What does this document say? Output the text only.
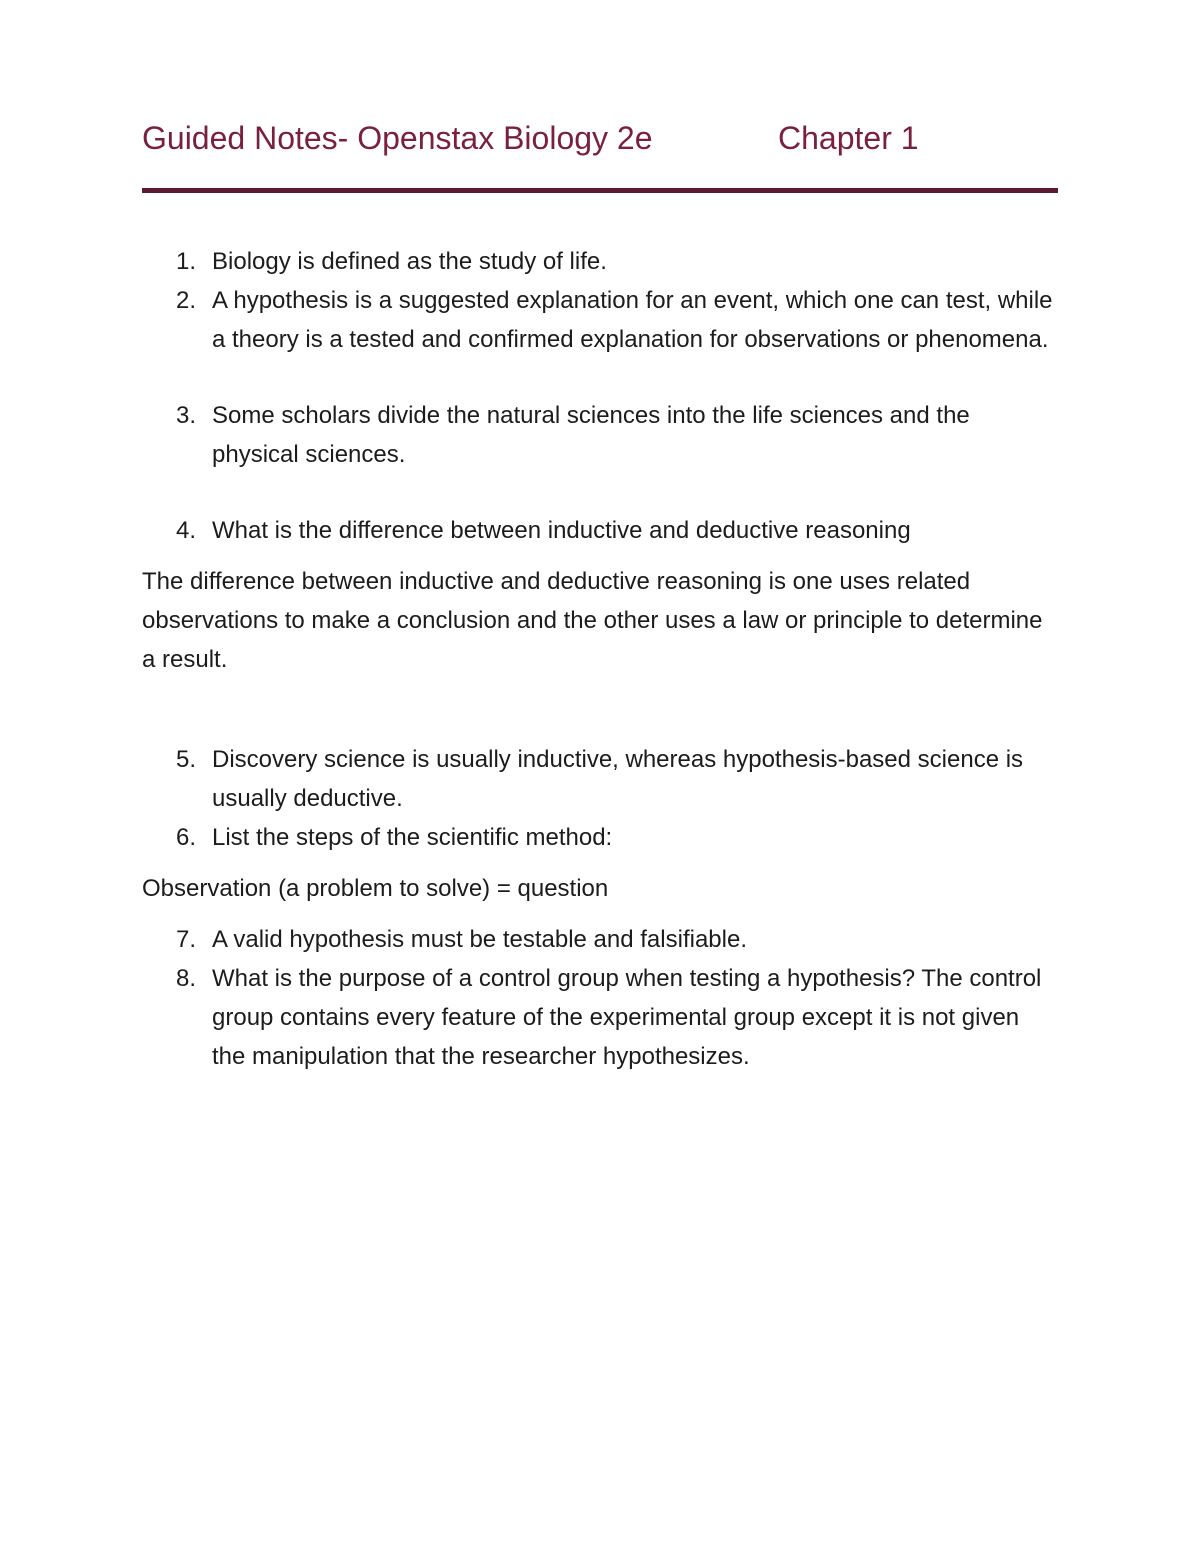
Guided Notes- Openstax Biology 2e	Chapter 1
1. Biology is defined as the study of life.
2. A hypothesis is a suggested explanation for an event, which one can test, while a theory is a tested and confirmed explanation for observations or phenomena.
3. Some scholars divide the natural sciences into the life sciences and the physical sciences.
4. What is the difference between inductive and deductive reasoning
The difference between inductive and deductive reasoning is one uses related observations to make a conclusion and the other uses a law or principle to determine a result.
5. Discovery science is usually inductive, whereas hypothesis-based science is usually deductive.
6. List the steps of the scientific method:
Observation (a problem to solve) = question
7. A valid hypothesis must be testable and falsifiable.
8. What is the purpose of a control group when testing a hypothesis? The control group contains every feature of the experimental group except it is not given the manipulation that the researcher hypothesizes.
